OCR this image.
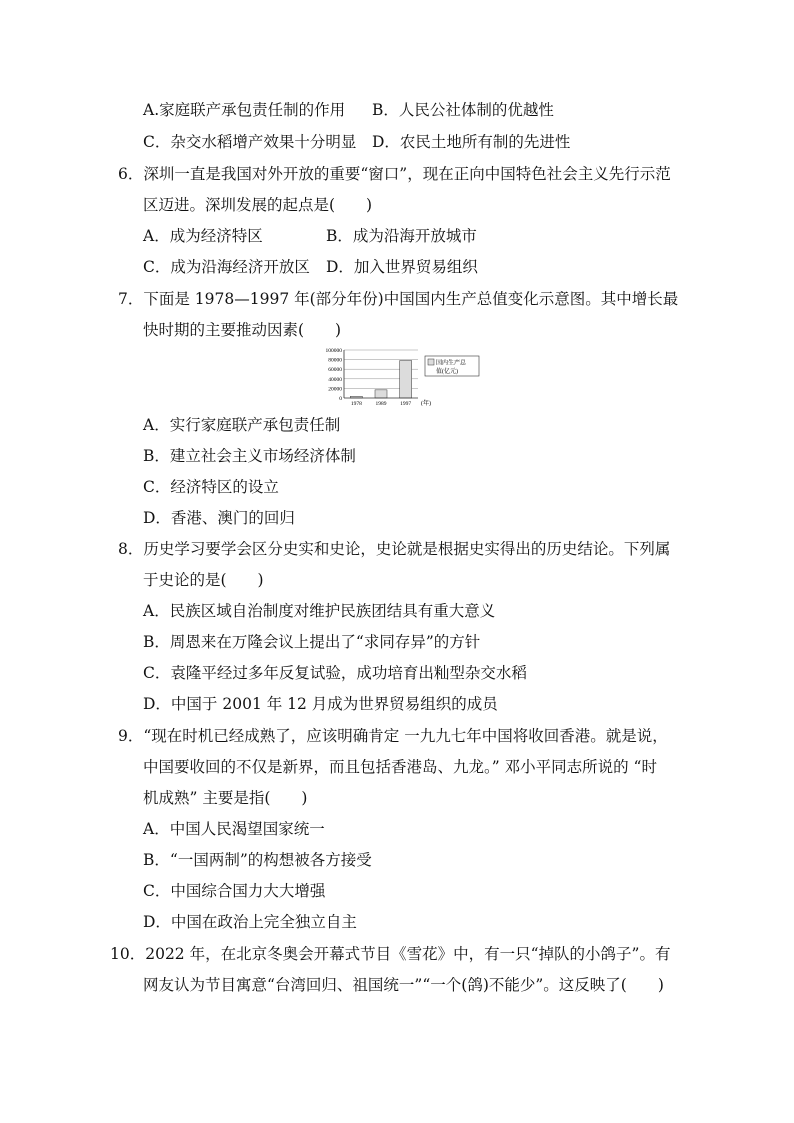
A.家庭联产承包责任制的作用 B．人民公社体制的优越性
C．杂交水稻增产效果十分明显 D．农民土地所有制的先进性
6．深圳一直是我国对外开放的重要“窗口”，现在正向中国特色社会主义先行示范
区迈进。深圳发展的起点是(　　)
A．成为经济特区	B．成为沿海开放城市
C．成为沿海经济开放区 D．加入世界贸易组织
7．下面是 1978—1997 年(部分年份)中国国内生产总值变化示意图。其中增长最
快时期的主要推动因素(　　)
100000
80000
60000
40000
20000
0
1978 1989 1997 (年)
国内生产总
值(亿元)
A．实行家庭联产承包责任制
B．建立社会主义市场经济体制
C．经济特区的设立
D．香港、澳门的回归
8．历史学习要学会区分史实和史论，史论就是根据史实得出的历史结论。下列属
于史论的是(　　)
A．民族区域自治制度对维护民族团结具有重大意义
B．周恩来在万隆会议上提出了“求同存异”的方针
C．袁隆平经过多年反复试验，成功培育出籼型杂交水稻
D．中国于 2001 年 12 月成为世界贸易组织的成员
9．“现在时机已经成熟了，应该明确肯定 一九九七年中国将收回香港。就是说，
中国要收回的不仅是新界，而且包括香港岛、九龙。” 邓小平同志所说的 “时
机成熟” 主要是指(　　)
A．中国人民渴望国家统一
B．“一国两制”的构想被各方接受
C．中国综合国力大大增强
D．中国在政治上完全独立自主
10．2022 年，在北京冬奥会开幕式节目《雪花》中，有一只“掉队的小鸽子”。有
网友认为节目寓意“台湾回归、祖国统一”“一个(鸽)不能少”。这反映了(　　)
